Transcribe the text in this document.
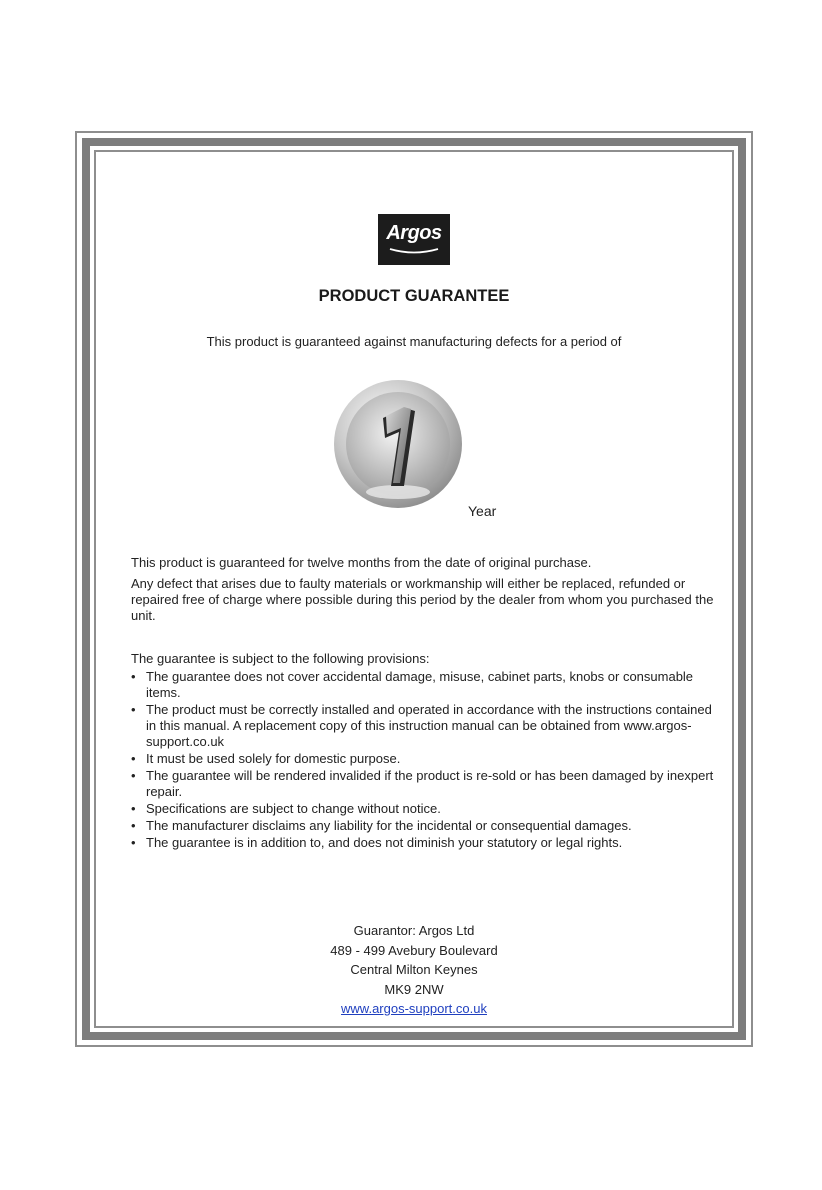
Argos
PRODUCT GUARANTEE
This product is guaranteed against manufacturing defects for a period of
Year

This product is guaranteed for twelve months from the date of original purchase.

Any defect that arises due to faulty materials or workmanship will either be replaced, refunded or repaired free of charge where possible during this period by the dealer from whom you purchased the unit.

The guarantee is subject to the following provisions:

• The guarantee does not cover accidental damage, misuse, cabinet parts, knobs or consumable items.
• The product must be correctly installed and operated in accordance with the instructions contained in this manual. A replacement copy of this instruction manual can be obtained from www.argos-support.co.uk
• It must be used solely for domestic purpose.
• The guarantee will be rendered invalided if the product is re-sold or has been damaged by inexpert repair.
• Specifications are subject to change without notice.
• The manufacturer disclaims any liability for the incidental or consequential damages.
• The guarantee is in addition to, and does not diminish your statutory or legal rights.
Guarantor: Argos Ltd
489 - 499 Avebury Boulevard
Central Milton Keynes
MK9 2NW
www.argos-support.co.uk
